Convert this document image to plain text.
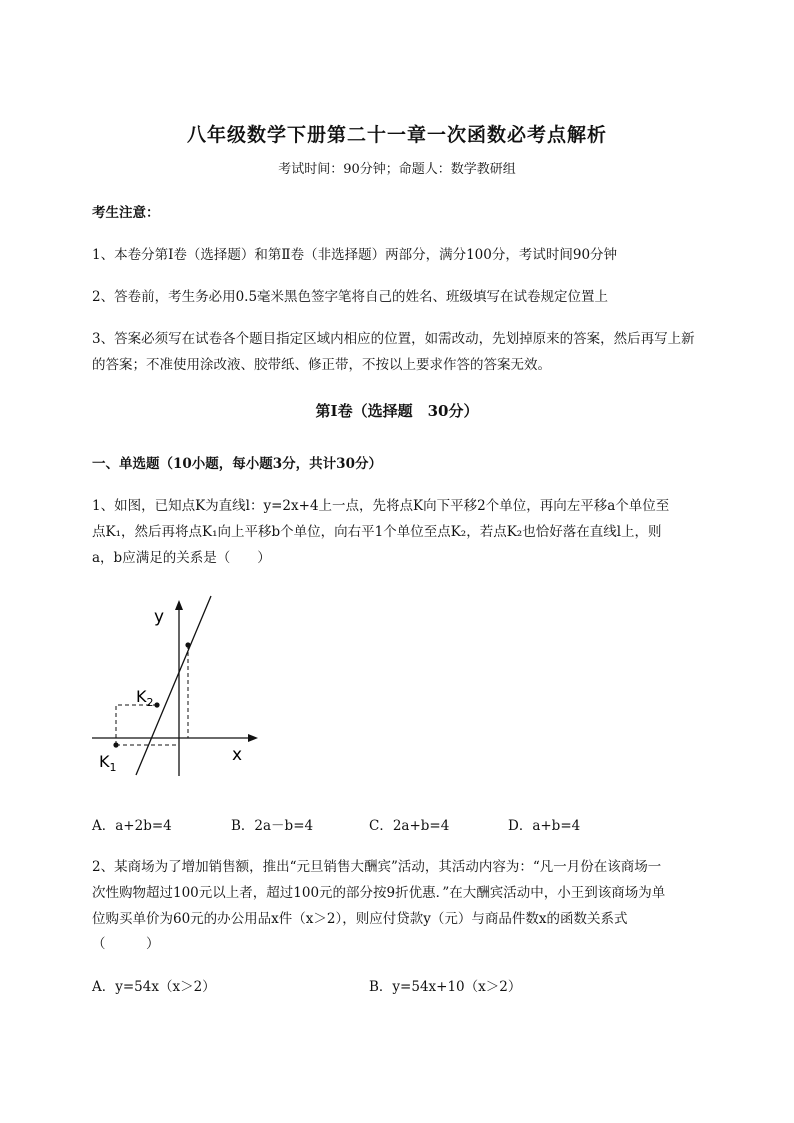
八年级数学下册第二十一章一次函数必考点解析
考试时间：90分钟；命题人：数学教研组
考生注意：
1、本卷分第I卷（选择题）和第Ⅱ卷（非选择题）两部分，满分100分，考试时间90分钟
2、答卷前，考生务必用0.5毫米黑色签字笔将自己的姓名、班级填写在试卷规定位置上
3、答案必须写在试卷各个题目指定区域内相应的位置，如需改动，先划掉原来的答案，然后再写上新
的答案；不准使用涂改液、胶带纸、修正带，不按以上要求作答的答案无效。
第I卷（选择题　30分）
一、单选题（10小题，每小题3分，共计30分）
1、如图，已知点K为直线l：y=2x+4上一点，先将点K向下平移2个单位，再向左平移a个单位至
点K₁，然后再将点K₁向上平移b个单位，向右平1个单位至点K₂，若点K₂也恰好落在直线l上，则
a，b应满足的关系是（　　）
y
x
$K_2$
$K_1$
A．a+2b=4	B．2a－b=4	C．2a+b=4	D．a+b=4
2、某商场为了增加销售额，推出“元旦销售大酬宾”活动，其活动内容为：“凡一月份在该商场一
次性购物超过100元以上者，超过100元的部分按9折优惠．”在大酬宾活动中，小王到该商场为单
位购买单价为60元的办公用品x件（x＞2），则应付贷款y（元）与商品件数x的函数关系式
（　　　）
A．y=54x（x＞2）	B．y=54x+10（x＞2）
